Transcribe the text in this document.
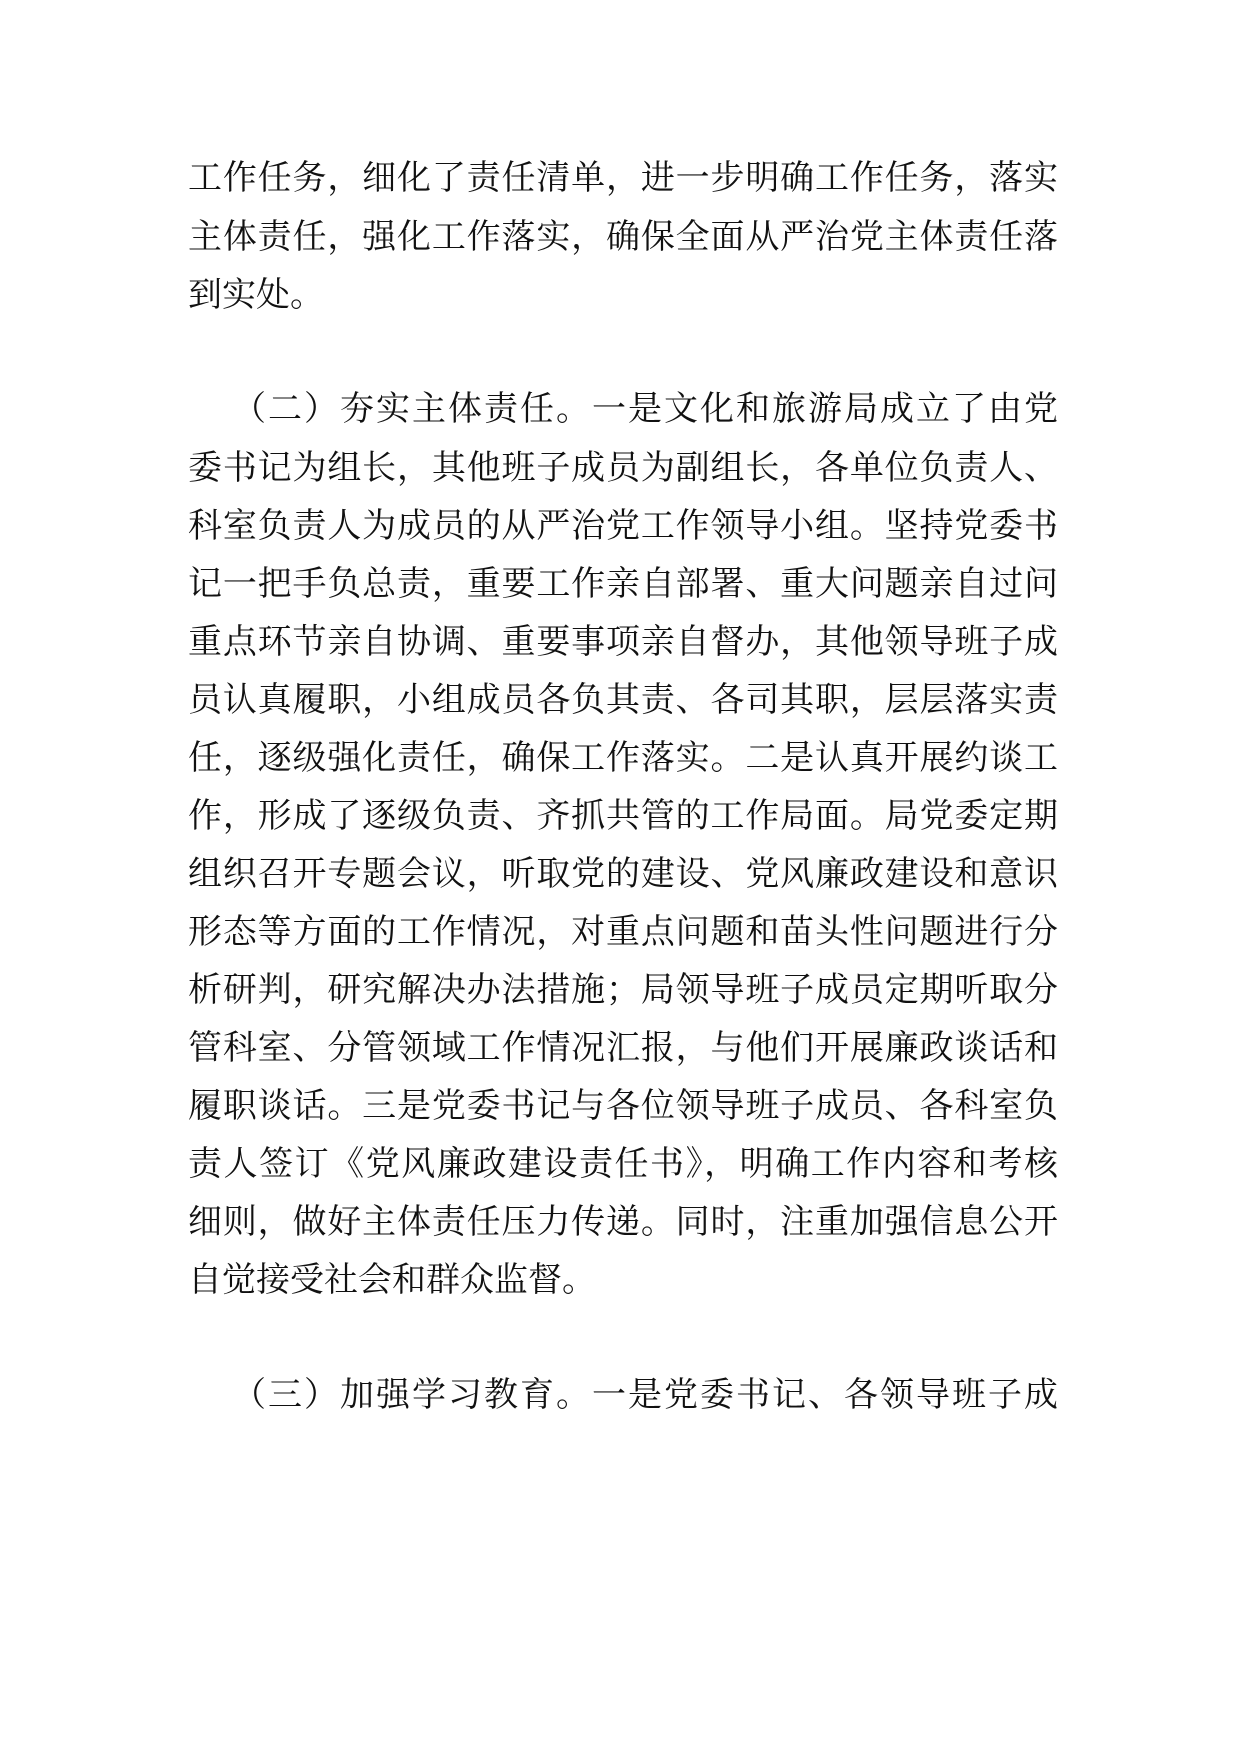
工作任务，细化了责任清单，进一步明确工作任务，落实
主体责任，强化工作落实，确保全面从严治党主体责任落
到实处。
（二）夯实主体责任。一是文化和旅游局成立了由党
委书记为组长，其他班子成员为副组长，各单位负责人、
科室负责人为成员的从严治党工作领导小组。坚持党委书
记一把手负总责，重要工作亲自部署、重大问题亲自过问
重点环节亲自协调、重要事项亲自督办，其他领导班子成
员认真履职，小组成员各负其责、各司其职，层层落实责
任，逐级强化责任，确保工作落实。二是认真开展约谈工
作，形成了逐级负责、齐抓共管的工作局面。局党委定期
组织召开专题会议，听取党的建设、党风廉政建设和意识
形态等方面的工作情况，对重点问题和苗头性问题进行分
析研判，研究解决办法措施；局领导班子成员定期听取分
管科室、分管领域工作情况汇报，与他们开展廉政谈话和
履职谈话。三是党委书记与各位领导班子成员、各科室负
责人签订《党风廉政建设责任书》，明确工作内容和考核
细则，做好主体责任压力传递。同时，注重加强信息公开
自觉接受社会和群众监督。
（三）加强学习教育。一是党委书记、各领导班子成
